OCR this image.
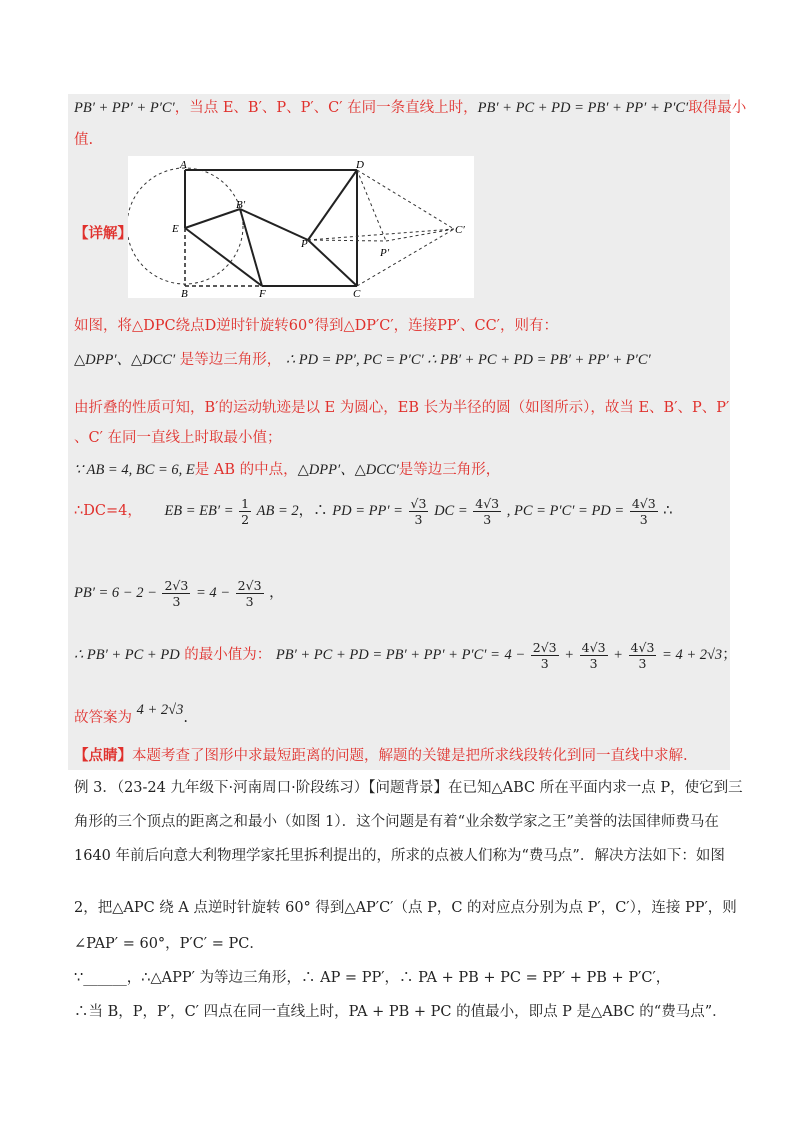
PB′ + PP′ + P′C′，当点 E、B′、P、P′、C′ 在同一条直线上时，PB′ + PC + PD = PB′ + PP′ + P′C′取得最小
值.
A	D
E
B′
P
P′
C′
B	F	C
【详解】
如图，将△DPC绕点D逆时针旋转60°得到△DP′C′，连接PP′、CC′，则有：
△DPP′、△DCC′ 是等边三角形， ∴ PD = PP′, PC = P′C′ ∴ PB′ + PC + PD = PB′ + PP′ + P′C′
由折叠的性质可知，B′的运动轨迹是以 E 为圆心，EB 长为半径的圆（如图所示），故当 E、B′、P、P′
、C′ 在同一直线上时取最小值；
∵ AB = 4, BC = 6, E是 AB 的中点，△DPP′、△DCC′是等边三角形，
∴DC=4， EB = $EB' = \frac{1}{2}$ AB = 2，∴ PD = $PP' = \frac{√3}{3}$ DC = $\frac{4√3}{3}$ , PC = P′C′ = PD = $\frac{4√3}{3}$ ∴
$PB' = 6 - 2 - \frac{2√3}{3} = 4 - \frac{2√3}{3}$ ，
∴ PB′ + PC + PD 的最小值为： PB′ + PC + PD = $PB' + PP' + P'C' = 4 - \frac{2√3}{3} + \frac{4√3}{3} + \frac{4√3}{3} = 4 + 2√3$；
故答案为 4 + 2√3.
【点睛】本题考查了图形中求最短距离的问题，解题的关键是把所求线段转化到同一直线中求解.
例 3．（23-24 九年级下·河南周口·阶段练习）【问题背景】在已知△ABC 所在平面内求一点 P，使它到三
角形的三个顶点的距离之和最小（如图 1）．这个问题是有着“业余数学家之王”美誉的法国律师费马在
1640 年前后向意大利物理学家托里拆利提出的，所求的点被人们称为“费马点”．解决方法如下：如图
2，把△APC 绕 A 点逆时针旋转 60° 得到△AP′C′（点 P，C 的对应点分别为点 P′，C′），连接 PP′，则
∠PAP′ = 60°，P′C′ = PC．
∵______，∴△APP′ 为等边三角形，∴ AP = PP′，∴ PA + PB + PC = PP′ + PB + P′C′，
∴当 B，P，P′，C′ 四点在同一直线上时，PA + PB + PC 的值最小，即点 P 是△ABC 的“费马点”．
